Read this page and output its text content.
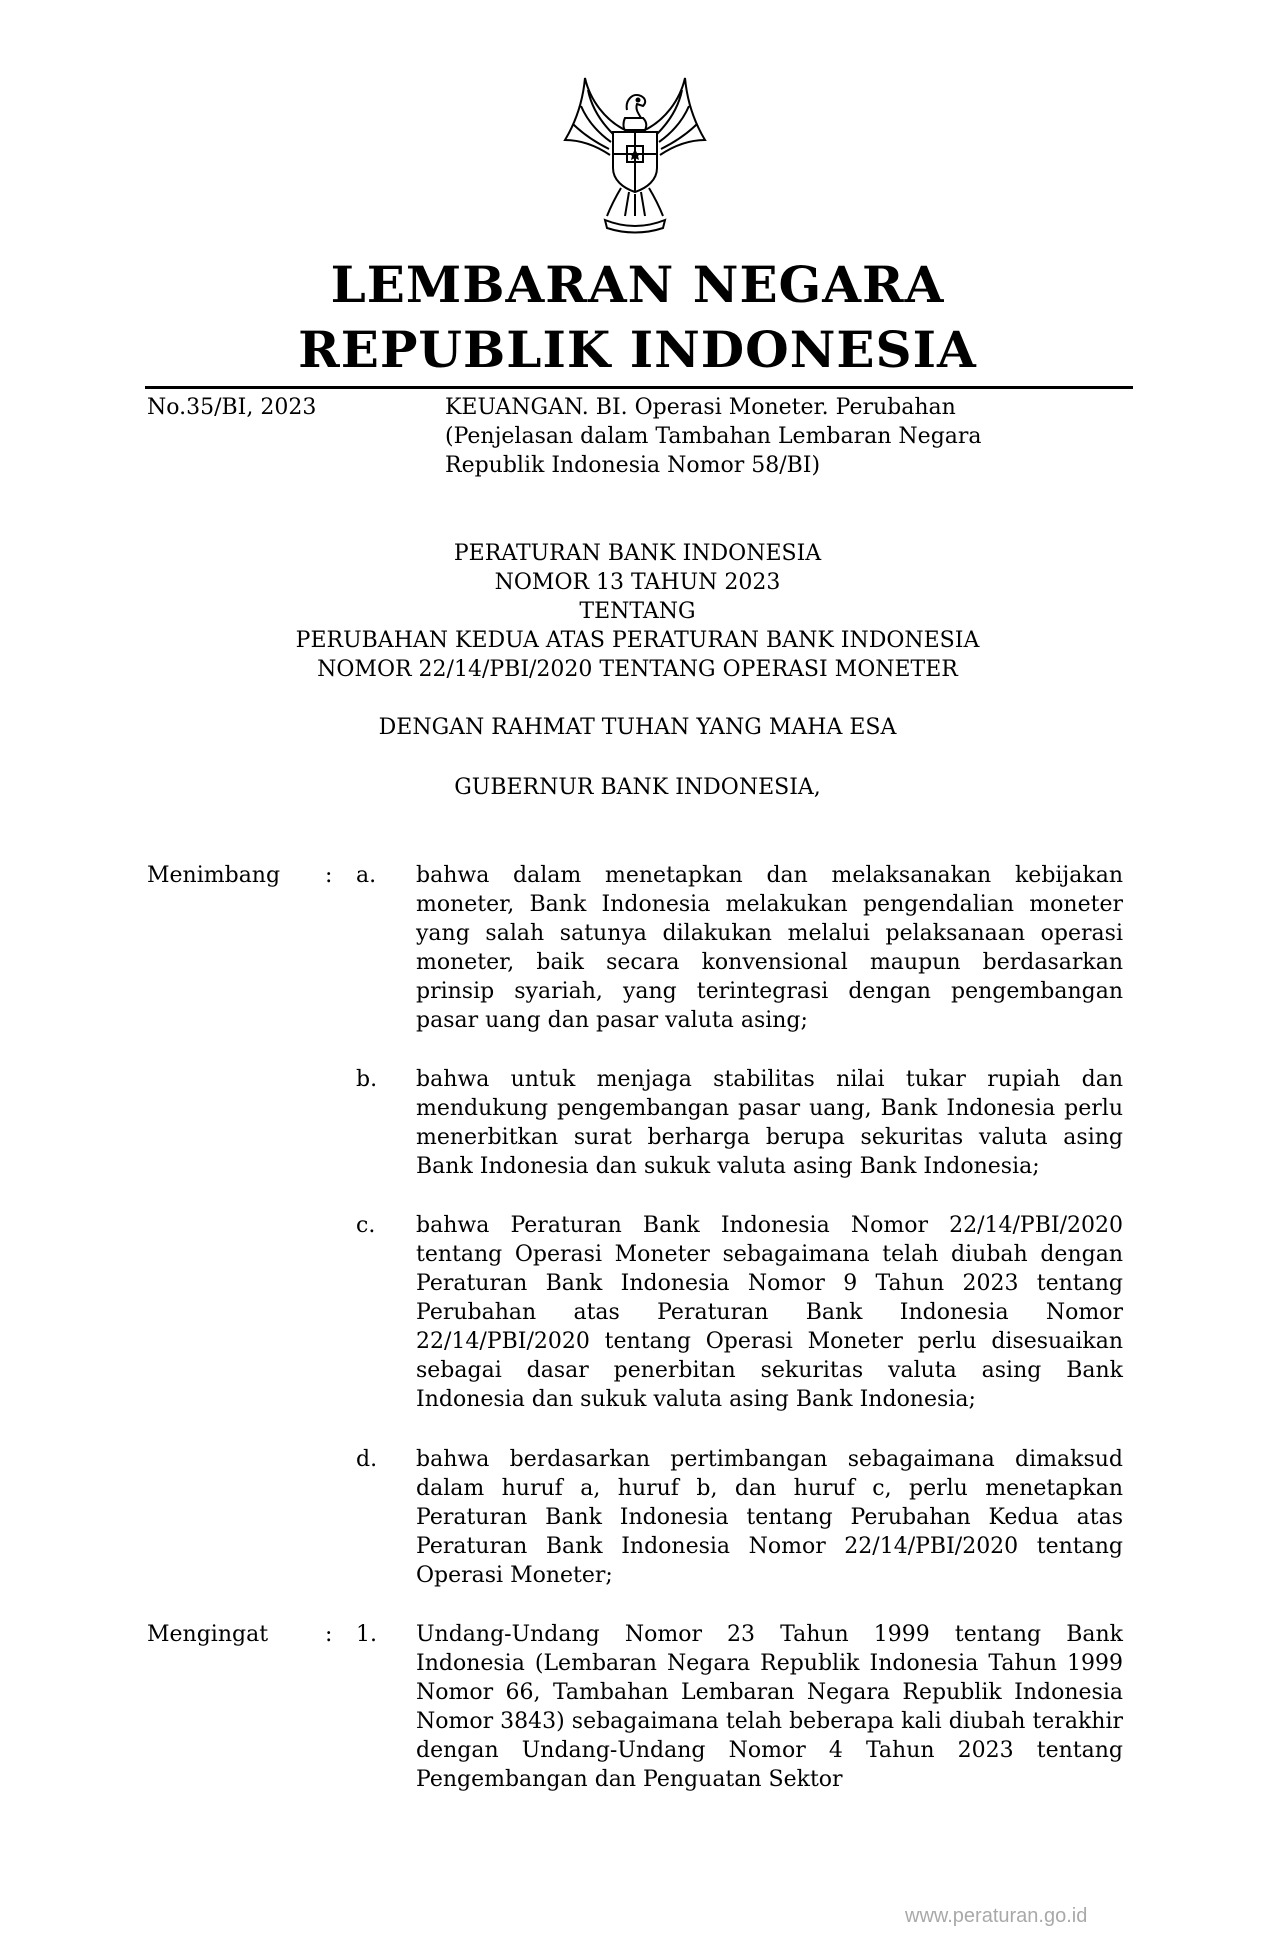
LEMBARAN NEGARA
REPUBLIK INDONESIA
No.35/BI, 2023	KEUANGAN. BI. Operasi Moneter. Perubahan
(Penjelasan dalam Tambahan Lembaran Negara
Republik Indonesia Nomor 58/BI)
PERATURAN BANK INDONESIA
NOMOR 13 TAHUN 2023
TENTANG
PERUBAHAN KEDUA ATAS PERATURAN BANK INDONESIA
NOMOR 22/14/PBI/2020 TENTANG OPERASI MONETER
DENGAN RAHMAT TUHAN YANG MAHA ESA
GUBERNUR BANK INDONESIA,
Menimbang : a. bahwa dalam menetapkan dan melaksanakan kebijakan moneter, Bank Indonesia melakukan pengendalian moneter yang salah satunya dilakukan melalui pelaksanaan operasi moneter, baik secara konvensional maupun berdasarkan prinsip syariah, yang terintegrasi dengan pengembangan pasar uang dan pasar valuta asing;
b. bahwa untuk menjaga stabilitas nilai tukar rupiah dan mendukung pengembangan pasar uang, Bank Indonesia perlu menerbitkan surat berharga berupa sekuritas valuta asing Bank Indonesia dan sukuk valuta asing Bank Indonesia;
c. bahwa Peraturan Bank Indonesia Nomor 22/14/PBI/2020 tentang Operasi Moneter sebagaimana telah diubah dengan Peraturan Bank Indonesia Nomor 9 Tahun 2023 tentang Perubahan atas Peraturan Bank Indonesia Nomor 22/14/PBI/2020 tentang Operasi Moneter perlu disesuaikan sebagai dasar penerbitan sekuritas valuta asing Bank Indonesia dan sukuk valuta asing Bank Indonesia;
d. bahwa berdasarkan pertimbangan sebagaimana dimaksud dalam huruf a, huruf b, dan huruf c, perlu menetapkan Peraturan Bank Indonesia tentang Perubahan Kedua atas Peraturan Bank Indonesia Nomor 22/14/PBI/2020 tentang Operasi Moneter;
Mengingat	: 1. Undang-Undang Nomor 23 Tahun 1999 tentang Bank Indonesia (Lembaran Negara Republik Indonesia Tahun 1999 Nomor 66, Tambahan Lembaran Negara Republik Indonesia Nomor 3843) sebagaimana telah beberapa kali diubah terakhir dengan Undang-Undang Nomor 4 Tahun 2023 tentang Pengembangan dan Penguatan Sektor
www.peraturan.go.id
